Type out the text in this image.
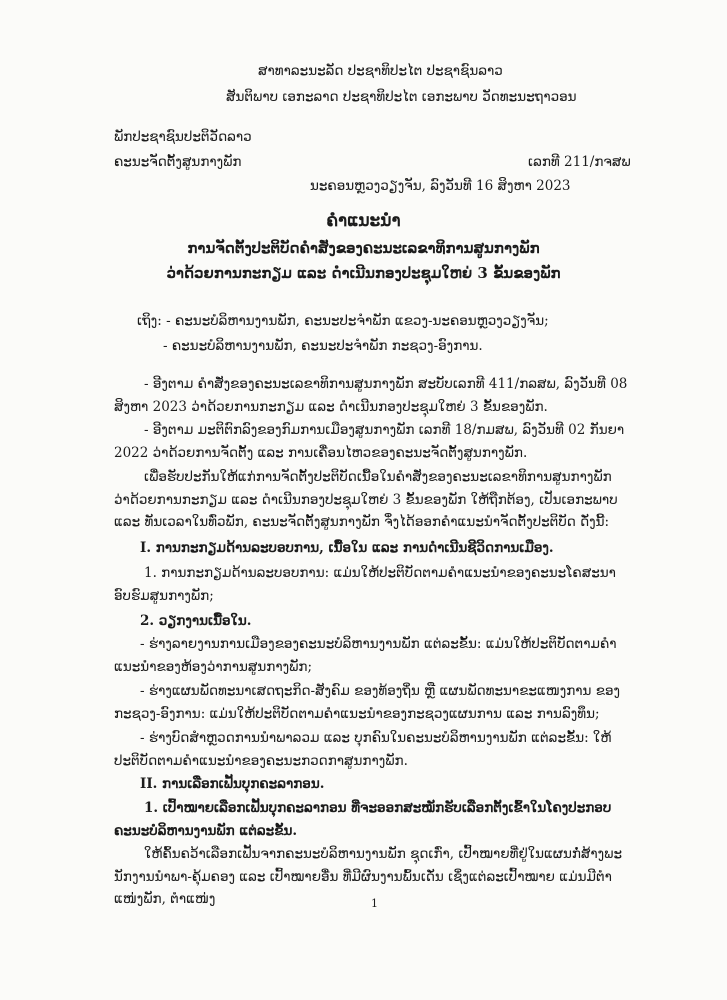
ສາທາລະນະລັດ ປະຊາທິປະໄຕ ປະຊາຊົນລາວ
ສັນຕິພາບ ເອກະລາດ ປະຊາທິປະໄຕ ເອກະພາບ ວັດທະນະຖາວອນ
ພັກປະຊາຊົນປະຕິວັດລາວ
ຄະນະຈັດຕັ້ງສູນກາງພັກ	ເລກທີ 211/ກຈສພ
ນະຄອນຫຼວງວຽງຈັນ, ລົງວັນທີ 16 ສິງຫາ 2023
ຄໍາແນະນໍາ
ການຈັດຕັ້ງປະຕິບັດຄໍາສັ່ງຂອງຄະນະເລຂາທິການສູນກາງພັກ
ວ່າດ້ວຍການກະກຽມ ແລະ ດໍາເນີນກອງປະຊຸມໃຫຍ່ 3 ຂັ້ນຂອງພັກ
ເຖິງ: - ຄະນະບໍລິຫານງານພັກ, ຄະນະປະຈໍາພັກ ແຂວງ-ນະຄອນຫຼວງວຽງຈັນ;
- ຄະນະບໍລິຫານງານພັກ, ຄະນະປະຈໍາພັກ ກະຊວງ-ອົງການ.
- ອີງຕາມ ຄໍາສັ່ງຂອງຄະນະເລຂາທິການສູນກາງພັກ ສະບັບເລກທີ 411/ກລສພ, ລົງວັນທີ 08 ສິງຫາ 2023 ວ່າດ້ວຍການກະກຽມ ແລະ ດໍາເນີນກອງປະຊຸມໃຫຍ່ 3 ຂັ້ນຂອງພັກ.
- ອີງຕາມ ມະຕິຕົກລົງຂອງກົມການເມືອງສູນກາງພັກ ເລກທີ 18/ກມສພ, ລົງວັນທີ 02 ກັນຍາ 2022 ວ່າດ້ວຍການຈັດຕັ້ງ ແລະ ການເຄື່ອນໄຫວຂອງຄະນະຈັດຕັ້ງສູນກາງພັກ.
ເພື່ອຮັບປະກັນໃຫ້ແກ່ການຈັດຕັ້ງປະຕິບັດເນື້ອໃນຄໍາສັ່ງຂອງຄະນະເລຂາທິການສູນກາງພັກ ວ່າດ້ວຍການກະກຽມ ແລະ ດໍາເນີນກອງປະຊຸມໃຫຍ່ 3 ຂັ້ນຂອງພັກ ໃຫ້ຖືກຕ້ອງ, ເປັນເອກະພາບ ແລະ ທັນເວລາໃນທົ່ວພັກ, ຄະນະຈັດຕັ້ງສູນກາງພັກ ຈຶ່ງໄດ້ອອກຄໍາແນະນໍາຈັດຕັ້ງປະຕິບັດ ດັ່ງນີ້:
I. ການກະກຽມດ້ານລະບອບການ, ເນື້ອໃນ ແລະ ການດໍາເນີນຊີວິດການເມືອງ.
1. ການກະກຽມດ້ານລະບອບການ: ແມ່ນໃຫ້ປະຕິບັດຕາມຄໍາແນະນໍາຂອງຄະນະໂຄສະນາອົບຮົມສູນກາງພັກ;
2. ວຽກງານເນື້ອໃນ.
- ຮ່າງລາຍງານການເມືອງຂອງຄະນະບໍລິຫານງານພັກ ແຕ່ລະຂັ້ນ: ແມ່ນໃຫ້ປະຕິບັດຕາມຄໍາແນະນໍາຂອງຫ້ອງວ່າການສູນກາງພັກ;
- ຮ່າງແຜນພັດທະນາເສດຖະກິດ-ສັງຄົມ ຂອງທ້ອງຖິ່ນ ຫຼື ແຜນພັດທະນາຂະແໜງການ ຂອງກະຊວງ-ອົງການ: ແມ່ນໃຫ້ປະຕິບັດຕາມຄໍາແນະນໍາຂອງກະຊວງແຜນການ ແລະ ການລົງທຶນ;
- ຮ່າງບົດສໍາຫຼວດການນໍາພາລວມ ແລະ ບຸກຄົນໃນຄະນະບໍລິຫານງານພັກ ແຕ່ລະຂັ້ນ: ໃຫ້ປະຕິບັດຕາມຄໍາແນະນໍາຂອງຄະນະກວດກາສູນກາງພັກ.
II. ການເລືອກເຟັ້ນບຸກຄະລາກອນ.
1. ເປົ້າໝາຍເລືອກເຟັ້ນບຸກຄະລາກອນ ທີ່ຈະອອກສະໝັກຮັບເລືອກຕັ້ງເຂົ້າໃນໂຄງປະກອບຄະນະບໍລິຫານງານພັກ ແຕ່ລະຂັ້ນ.
ໃຫ້ຄົ້ນຄວ້າເລືອກເຟັ້ນຈາກຄະນະບໍລິຫານງານພັກ ຊຸດເກົ່າ, ເປົ້າໝາຍທີ່ຢູ່ໃນແຜນກໍ່ສ້າງພະນັກງານນໍາພາ-ຄຸ້ມຄອງ ແລະ ເປົ້າໝາຍອື່ນ ທີ່ມີຜົນງານພົ້ນເດັ່ນ ເຊິ່ງແຕ່ລະເປົ້າໝາຍ ແມ່ນມີຕໍາແໜ່ງພັກ, ຕໍາແໜ່ງ	1
